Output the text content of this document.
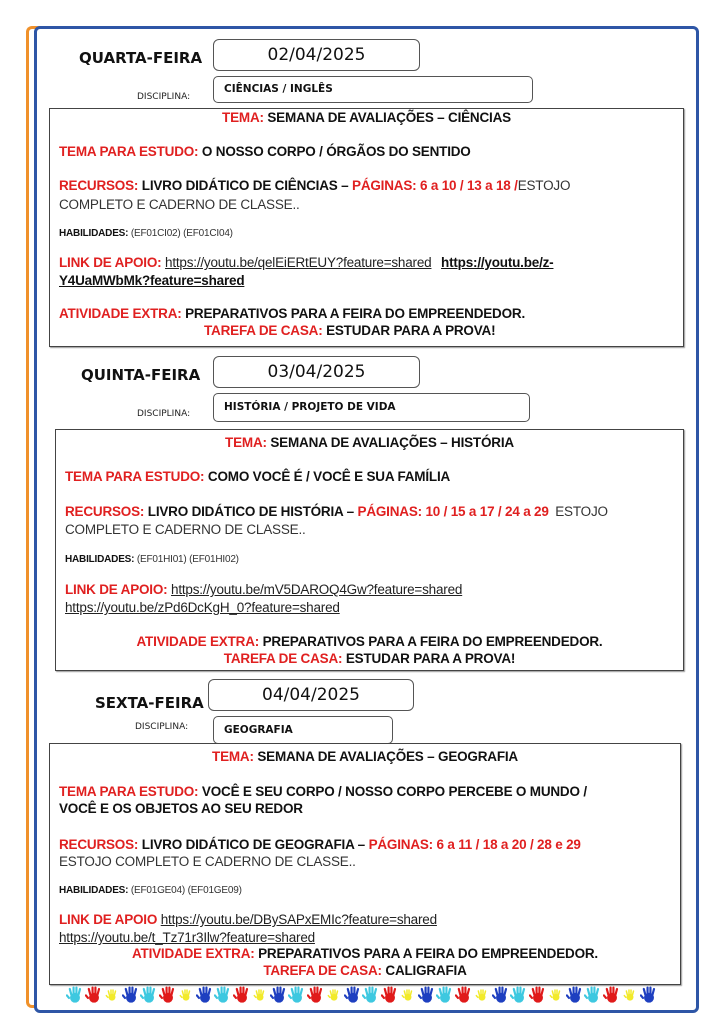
QUARTA-FEIRA	02/04/2025
DISCIPLINA:
CIÊNCIAS / INGLÊS
TEMA: SEMANA DE AVALIAÇÕES – CIÊNCIAS
TEMA PARA ESTUDO: O NOSSO CORPO / ÓRGÃOS DO SENTIDO
RECURSOS: LIVRO DIDÁTICO DE CIÊNCIAS – PÁGINAS: 6 a 10 / 13 a 18 /ESTOJO
COMPLETO E CADERNO DE CLASSE..
HABILIDADES: (EF01CI02) (EF01CI04)
LINK DE APOIO: https://youtu.be/qelEiERtEUY?feature=shared https://youtu.be/z-
Y4UaMWbMk?feature=shared
ATIVIDADE EXTRA: PREPARATIVOS PARA A FEIRA DO EMPREENDEDOR.
TAREFA DE CASA: ESTUDAR PARA A PROVA!
QUINTA-FEIRA	03/04/2025
DISCIPLINA:
HISTÓRIA / PROJETO DE VIDA
TEMA: SEMANA DE AVALIAÇÕES – HISTÓRIA
TEMA PARA ESTUDO: COMO VOCÊ É / VOCÊ E SUA FAMÍLIA
RECURSOS: LIVRO DIDÁTICO DE HISTÓRIA – PÁGINAS: 10 / 15 a 17 / 24 a 29 ESTOJO
COMPLETO E CADERNO DE CLASSE..
HABILIDADES: (EF01HI01) (EF01HI02)
LINK DE APOIO: https://youtu.be/mV5DAROQ4Gw?feature=shared
https://youtu.be/zPd6DcKgH_0?feature=shared
ATIVIDADE EXTRA: PREPARATIVOS PARA A FEIRA DO EMPREENDEDOR.
TAREFA DE CASA: ESTUDAR PARA A PROVA!
SEXTA-FEIRA	04/04/2025
DISCIPLINA:	GEOGRAFIA
TEMA: SEMANA DE AVALIAÇÕES – GEOGRAFIA
TEMA PARA ESTUDO: VOCÊ E SEU CORPO / NOSSO CORPO PERCEBE O MUNDO /
VOCÊ E OS OBJETOS AO SEU REDOR
RECURSOS: LIVRO DIDÁTICO DE GEOGRAFIA – PÁGINAS: 6 a 11 / 18 a 20 / 28 e 29
ESTOJO COMPLETO E CADERNO DE CLASSE..
HABILIDADES: (EF01GE04) (EF01GE09)
LINK DE APOIO https://youtu.be/DBySAPxEMIc?feature=shared
https://youtu.be/t_Tz71r3Ilw?feature=shared
ATIVIDADE EXTRA: PREPARATIVOS PARA A FEIRA DO EMPREENDEDOR.
TAREFA DE CASA: CALIGRAFIA
